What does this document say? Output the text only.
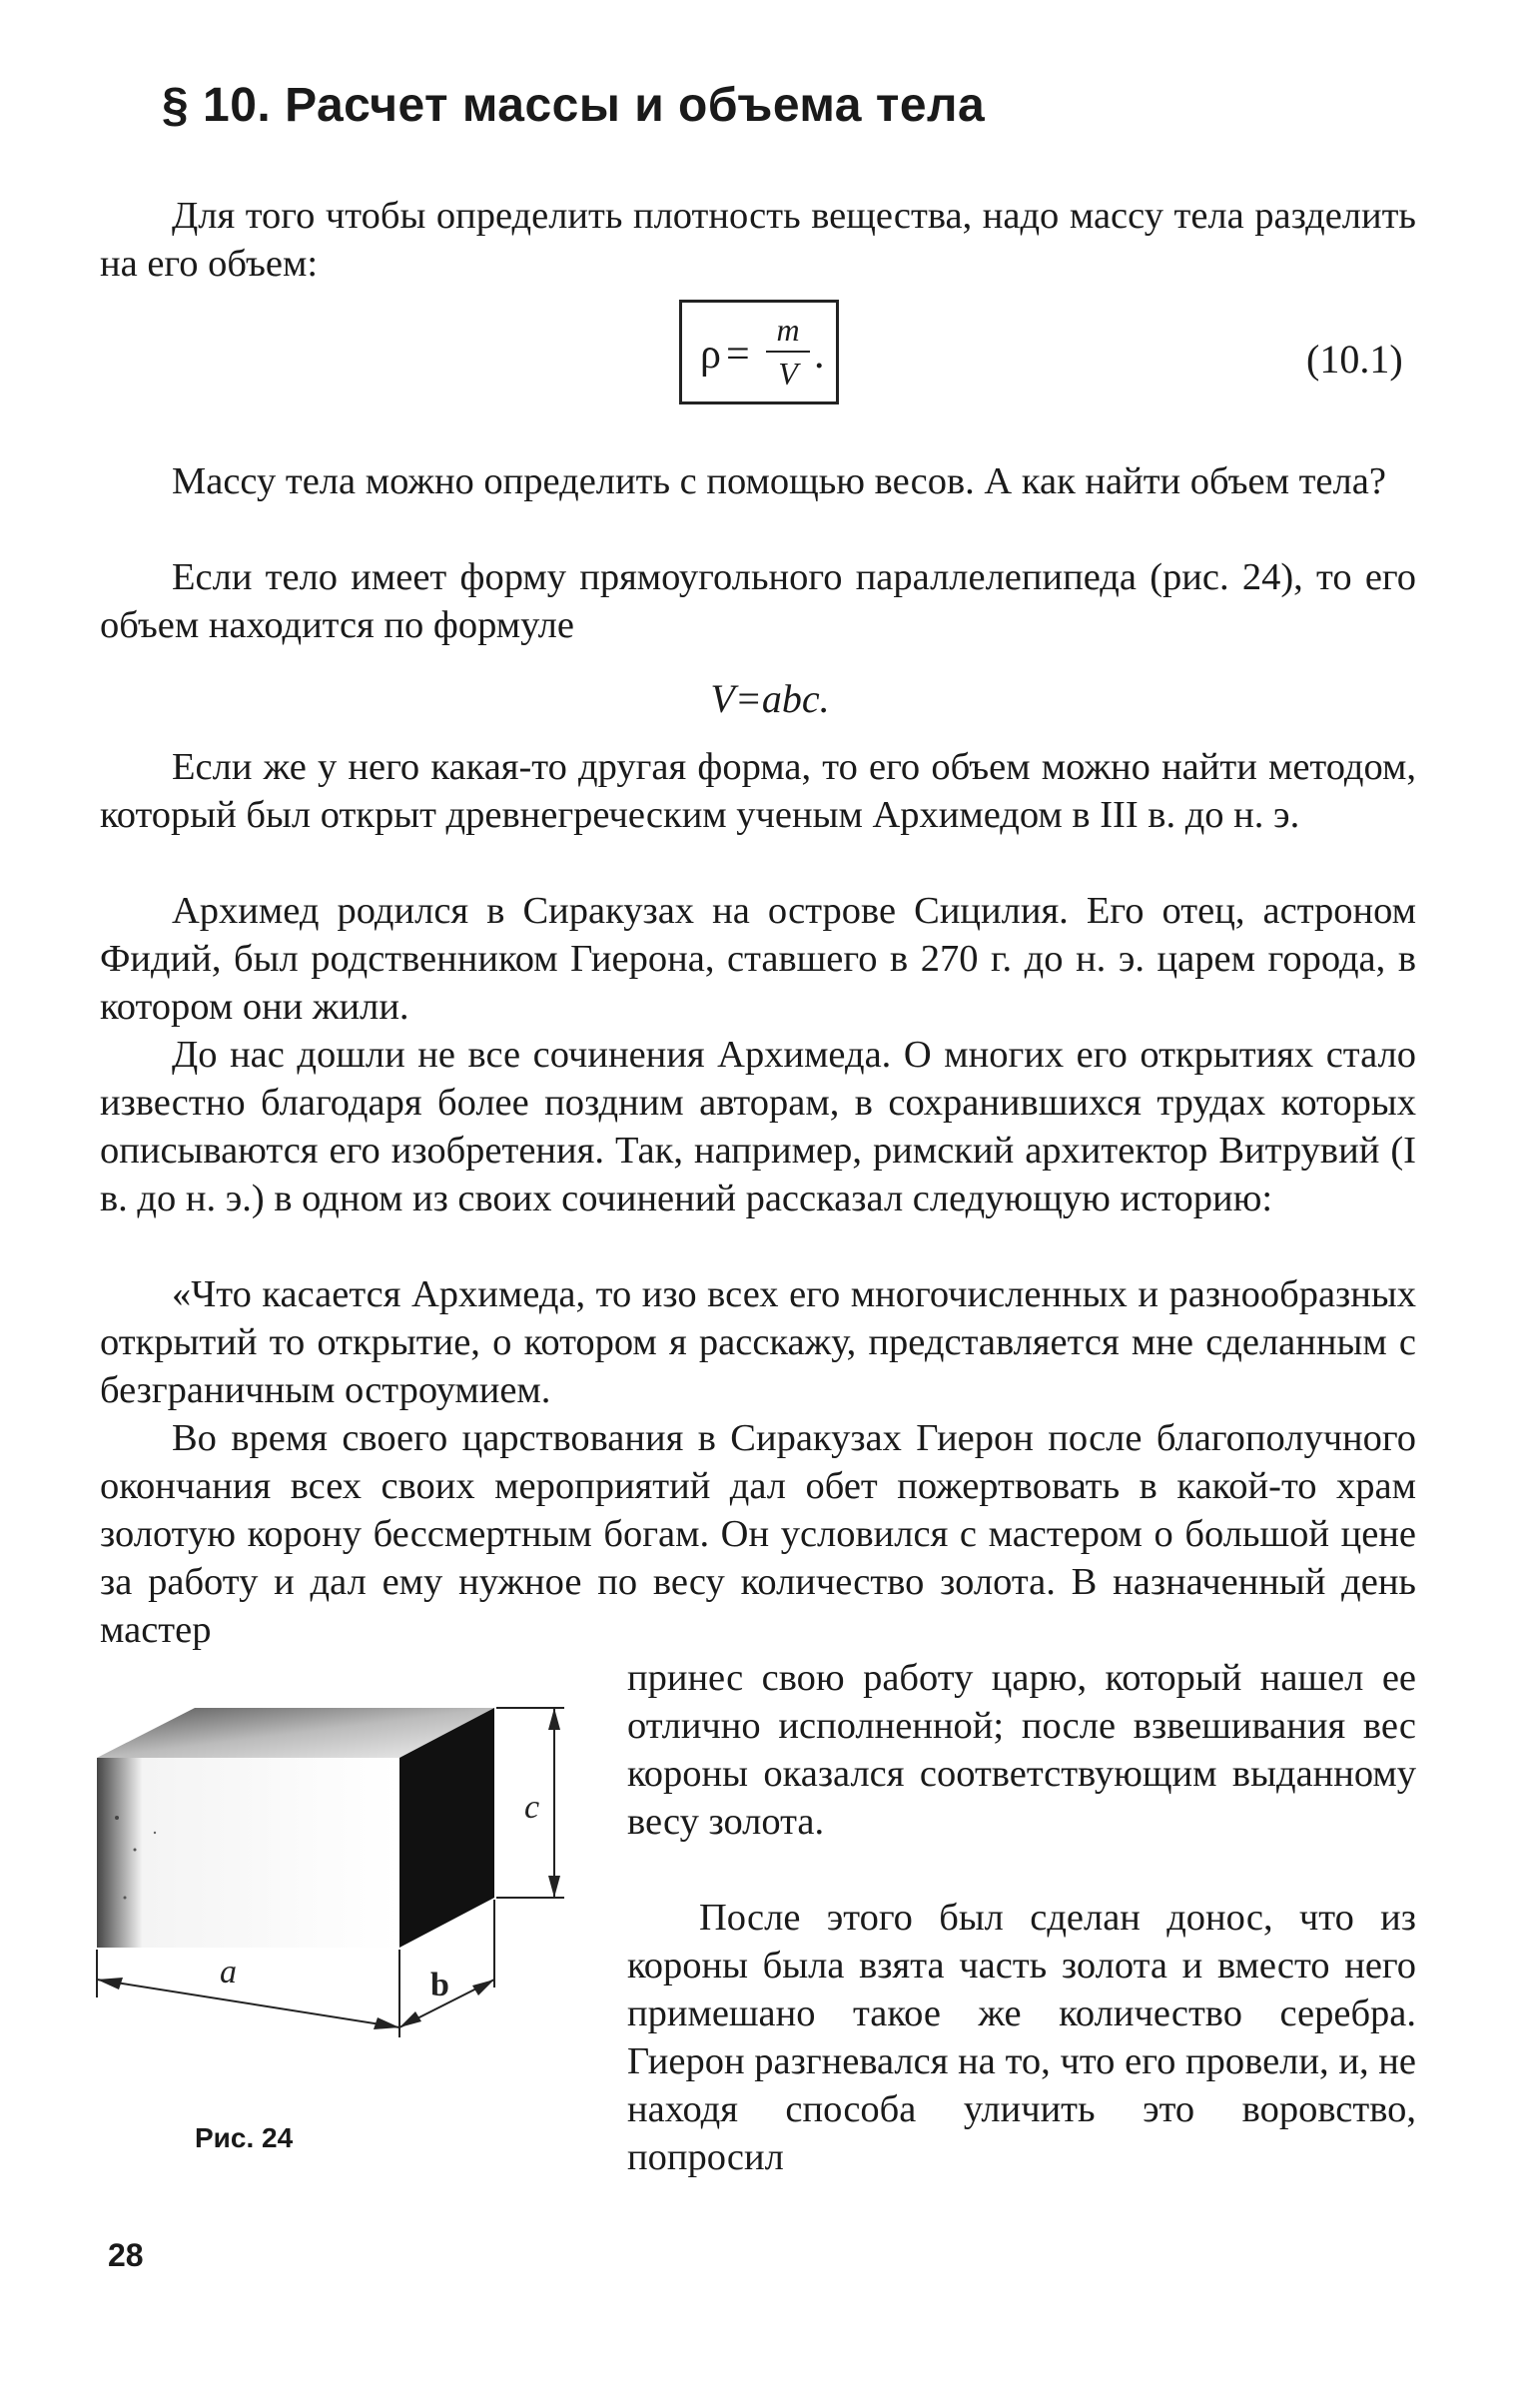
§ 10. Расчет массы и объема тела
Для того чтобы определить плотность вещества, надо массу тела разделить на его объем:
ρ =
m
V .	(10.1)
Массу тела можно определить с помощью весов. А как найти объем тела?
Если тело имеет форму прямоугольного параллелепипеда (рис. 24), то его объем находится по формуле
V=abc.
Если же у него какая-то другая форма, то его объем можно найти методом, который был открыт древнегреческим ученым Архимедом в III в. до н. э.
Архимед родился в Сиракузах на острове Сицилия. Его отец, астроном Фидий, был родственником Гиерона, ставшего в 270 г. до н. э. царем города, в котором они жили.
До нас дошли не все сочинения Архимеда. О многих его открытиях стало известно благодаря более поздним авторам, в сохранившихся трудах которых описываются его изобретения. Так, например, римский архитектор Витрувий (I в. до н. э.) в одном из своих сочинений рассказал следующую историю:
«Что касается Архимеда, то изо всех его многочисленных и разнообразных открытий то открытие, о котором я расскажу, представляется мне сделанным с безграничным остроумием.
Во время своего царствования в Сиракузах Гиерон после благополучного окончания всех своих мероприятий дал обет пожертвовать в какой-то храм золотую корону бессмертным богам. Он условился с мастером о большой цене за работу и дал ему нужное по весу количество золота. В назначенный день мастер
принес свою работу царю, который нашел ее отлично исполненной; после взвешивания вес короны оказался соответствующим выданному весу золота.
После этого был сделан донос, что из короны была взята часть золота и вместо него примешано такое же количество серебра. Гиерон разгневался на то, что его провели, и, не находя способа уличить это воровство, попросил
a	b
c
Рис. 24
28
